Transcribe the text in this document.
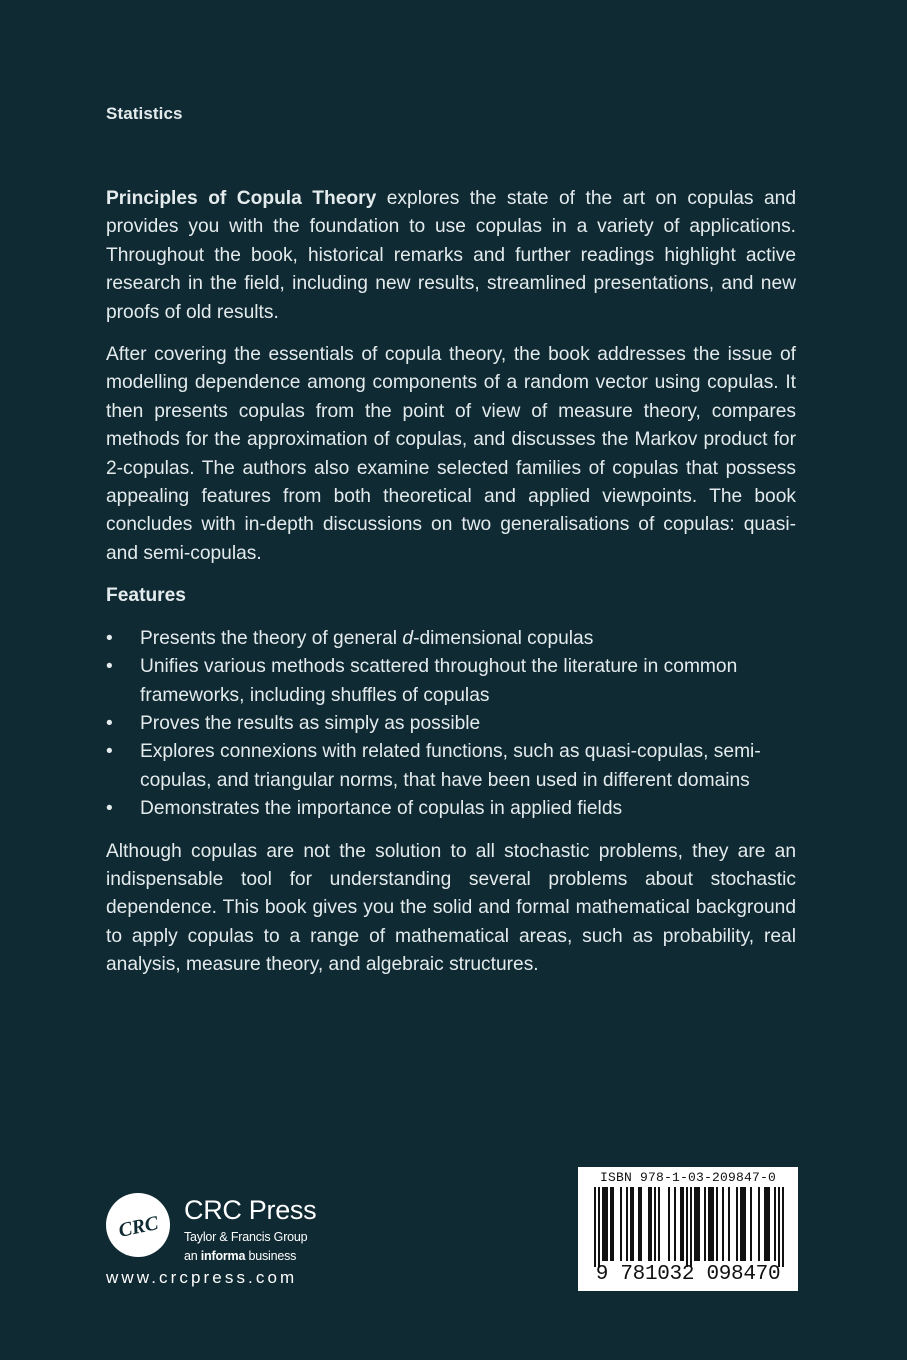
Statistics

Principles of Copula Theory explores the state of the art on copulas and provides you with the foundation to use copulas in a variety of applications. Throughout the book, historical remarks and further readings highlight active research in the field, including new results, streamlined presentations, and new proofs of old results.

After covering the essentials of copula theory, the book addresses the issue of modelling dependence among components of a random vector using copulas. It then presents copulas from the point of view of measure theory, compares methods for the approximation of copulas, and discusses the Markov product for 2-copulas. The authors also examine selected families of copulas that possess appealing features from both theoretical and applied viewpoints. The book concludes with in-depth discussions on two generalisations of copulas: quasi- and semi-copulas.

Features

• Presents the theory of general d-dimensional copulas
• Unifies various methods scattered throughout the literature in common frameworks, including shuffles of copulas
• Proves the results as simply as possible
• Explores connexions with related functions, such as quasi-copulas, semi-copulas, and triangular norms, that have been used in different domains
• Demonstrates the importance of copulas in applied fields

Although copulas are not the solution to all stochastic problems, they are an indispensable tool for understanding several problems about stochastic dependence. This book gives you the solid and formal mathematical background to apply copulas to a range of mathematical areas, such as probability, real analysis, measure theory, and algebraic structures.

CRC
CRC Press
Taylor & Francis Group
an informa business
www.crcpress.com
ISBN 978-1-03-209847-0
9 781032 098470
